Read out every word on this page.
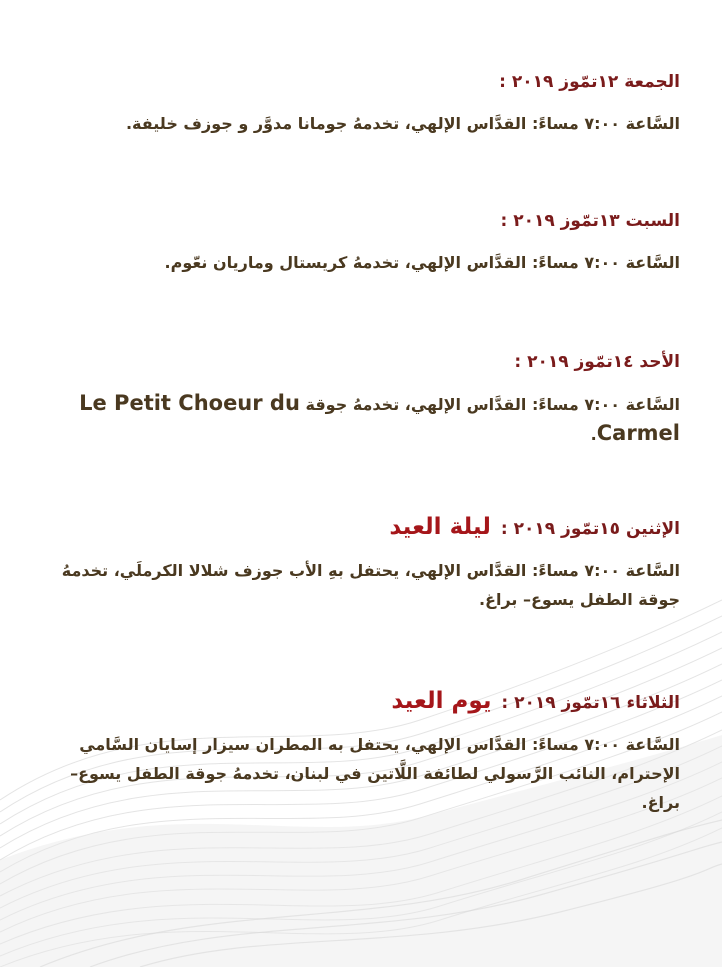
الجمعة ١٢تمّوز ٢٠١٩ :
السَّاعة ٧:٠٠ مساءً: القدَّاس الإلهي، تخدمهُ جومانا مدوَّر و جوزف خليفة.
السبت ١٣تمّوز ٢٠١٩ :
السَّاعة ٧:٠٠ مساءً: القدَّاس الإلهي، تخدمهُ كريستال وماريان نعّوم.
الأحد ١٤تمّوز ٢٠١٩ :
السَّاعة ٧:٠٠ مساءً: القدَّاس الإلهي، تخدمهُ جوقة Le Petit Choeur du Carmel.
الإثنين ١٥تمّوز ٢٠١٩ : ليلة العيد
السَّاعة ٧:٠٠ مساءً: القدَّاس الإلهي، يحتفل بهِ الأب جوزف شلالا الكرملَي، تخدمهُ جوقة الطفل يسوع– براغ.
الثلاثاء ١٦تمّوز ٢٠١٩ : يوم العيد
السَّاعة ٧:٠٠ مساءً: القدَّاس الإلهي، يحتفل به المطران سيزار إسايان السَّامي الإحترام، النائب الرَّسولي لطائفة اللَّاتين في لبنان، تخدمهُ جوقة الطفل يسوع– براغ.
